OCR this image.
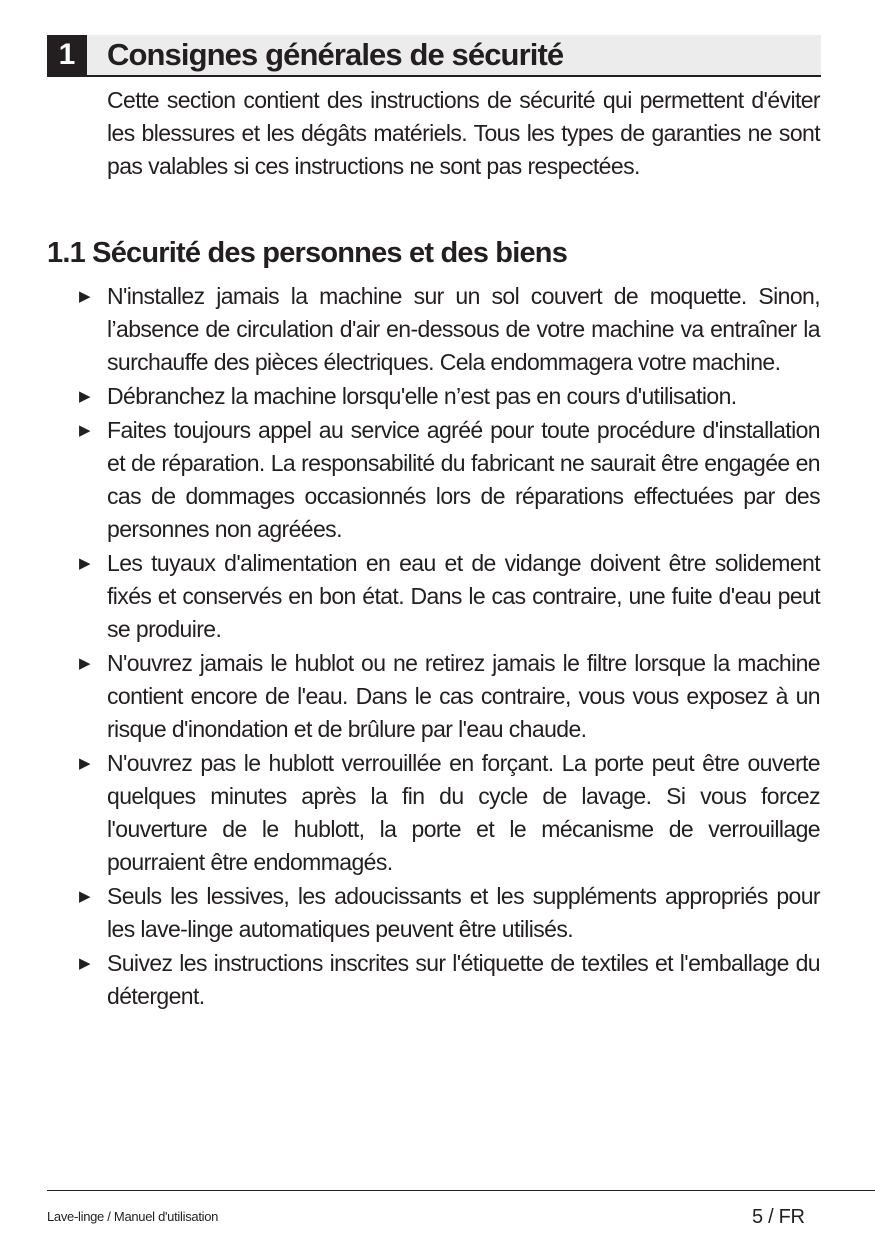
1	Consignes générales de sécurité

Cette section contient des instructions de sécurité qui permettent d'éviter les blessures et les dégâts matériels. Tous les types de garanties ne sont pas valables si ces instructions ne sont pas respectées.

1.1 Sécurité des personnes et des biens
▶ N'installez jamais la machine sur un sol couvert de moquette. Sinon, l’absence de circulation d'air en-dessous de votre machine va entraîner la surchauffe des pièces électriques. Cela endommagera votre machine.
▶ Débranchez la machine lorsqu'elle n’est pas en cours d'utilisation.
▶ Faites toujours appel au service agréé pour toute procédure d'installation et de réparation. La responsabilité du fabricant ne saurait être engagée en cas de dommages occasionnés lors de réparations effectuées par des personnes non agréées.
▶ Les tuyaux d'alimentation en eau et de vidange doivent être solidement fixés et conservés en bon état. Dans le cas contraire, une fuite d'eau peut se produire.
▶ N'ouvrez jamais le hublot ou ne retirez jamais le filtre lorsque la machine contient encore de l'eau. Dans le cas contraire, vous vous exposez à un risque d'inondation et de brûlure par l'eau chaude.
▶ N'ouvrez pas le hublott verrouillée en forçant. La porte peut être ouverte quelques minutes après la fin du cycle de lavage. Si vous forcez l'ouverture de le hublott, la porte et le mécanisme de verrouillage pourraient être endommagés.
▶ Seuls les lessives, les adoucissants et les suppléments appropriés pour les lave-linge automatiques peuvent être utilisés.
▶ Suivez les instructions inscrites sur l'étiquette de textiles et l'emballage du détergent.
Lave-linge / Manuel d'utilisation	5 / FR
